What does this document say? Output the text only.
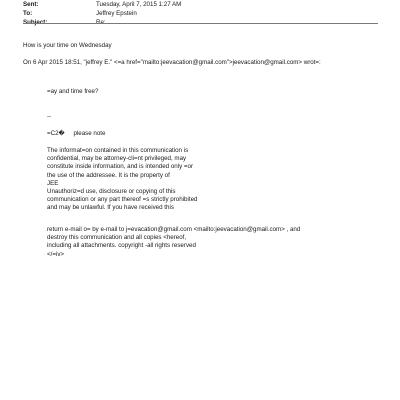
Sent:	Tuesday, April 7, 2015 1:27 AM
To:	Jeffrey Epstein
Subject:	Re:
How is your time on Wednesday
On 6 Apr 2015 18:51, "jeffrey E." <=a href="mailto:jeevacation@gmail.com">jeevacation@gmail.com> wrot=:
=ay and time free?
--
=C2�     please note
The informat=on contained in this communication is
confidential, may be attorney-cli=nt privileged, may
constitute inside information, and is intended only =or
the use of the addressee. It is the property of
JEE
Unauthoriz=d use, disclosure or copying of this
communication or any part thereof =s strictly prohibited
and may be unlawful. If you have received this
return e-mail o= by e-mail to j=evacation@gmail.com <mailto:jeevacation@gmail.com> , and
destroy this communication and all copies <hereof,
including all attachments. copyright -all rights reserved
</=iv>
